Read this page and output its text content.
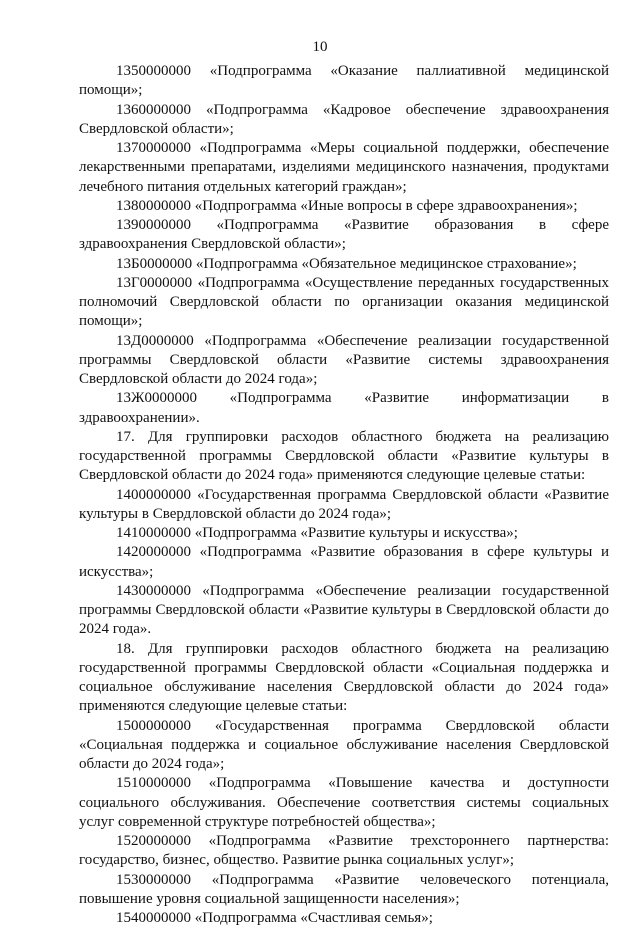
10

1350000000 «Подпрограмма «Оказание паллиативной медицинской помощи»;

1360000000 «Подпрограмма «Кадровое обеспечение здравоохранения Свердловской области»;

1370000000 «Подпрограмма «Меры социальной поддержки, обеспечение лекарственными препаратами, изделиями медицинского назначения, продуктами лечебного питания отдельных категорий граждан»;

1380000000 «Подпрограмма «Иные вопросы в сфере здравоохранения»;

1390000000 «Подпрограмма «Развитие образования в сфере здравоохранения Свердловской области»;

13Б0000000 «Подпрограмма «Обязательное медицинское страхование»;

13Г0000000 «Подпрограмма «Осуществление переданных государственных полномочий Свердловской области по организации оказания медицинской помощи»;

13Д0000000 «Подпрограмма «Обеспечение реализации государственной программы Свердловской области «Развитие системы здравоохранения Свердловской области до 2024 года»;

13Ж0000000 «Подпрограмма «Развитие информатизации в здравоохранении».

17. Для группировки расходов областного бюджета на реализацию государственной программы Свердловской области «Развитие культуры в Свердловской области до 2024 года» применяются следующие целевые статьи:

1400000000 «Государственная программа Свердловской области «Развитие культуры в Свердловской области до 2024 года»;

1410000000 «Подпрограмма «Развитие культуры и искусства»;

1420000000 «Подпрограмма «Развитие образования в сфере культуры и искусства»;

1430000000 «Подпрограмма «Обеспечение реализации государственной программы Свердловской области «Развитие культуры в Свердловской области до 2024 года».

18. Для группировки расходов областного бюджета на реализацию государственной программы Свердловской области «Социальная поддержка и социальное обслуживание населения Свердловской области до 2024 года» применяются следующие целевые статьи:

1500000000 «Государственная программа Свердловской области «Социальная поддержка и социальное обслуживание населения Свердловской области до 2024 года»;

1510000000 «Подпрограмма «Повышение качества и доступности социального обслуживания. Обеспечение соответствия системы социальных услуг современной структуре потребностей общества»;

1520000000 «Подпрограмма «Развитие трехстороннего партнерства: государство, бизнес, общество. Развитие рынка социальных услуг»;

1530000000 «Подпрограмма «Развитие человеческого потенциала, повышение уровня социальной защищенности населения»;

1540000000 «Подпрограмма «Счастливая семья»;
